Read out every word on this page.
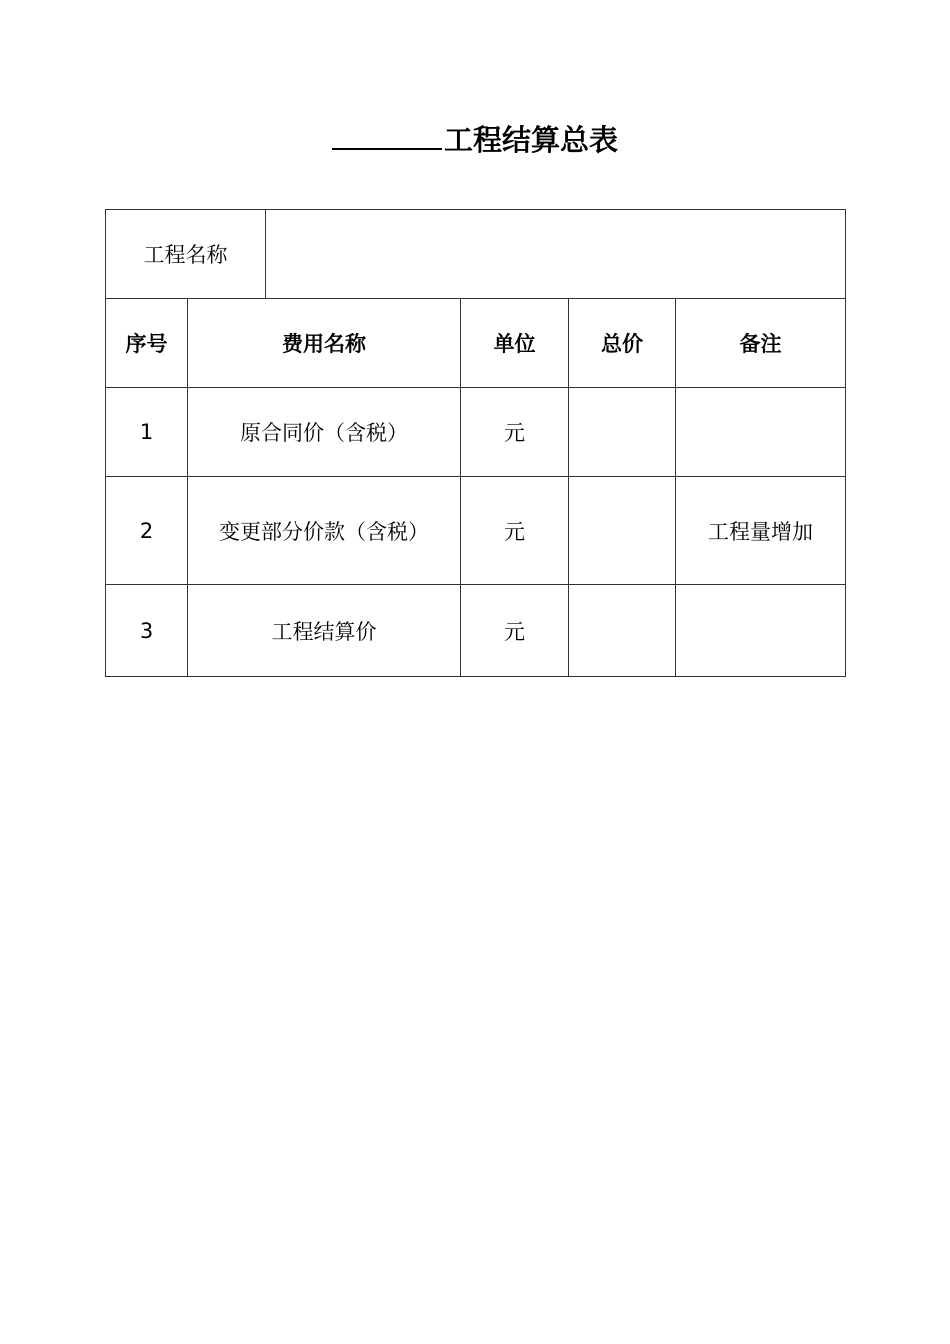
工程结算总表
工程名称					
序号	费用名称		单位	总价	备注
1	原合同价（含税）		元		
2	变更部分价款（含税）		元		工程量增加
3	工程结算价		元		
